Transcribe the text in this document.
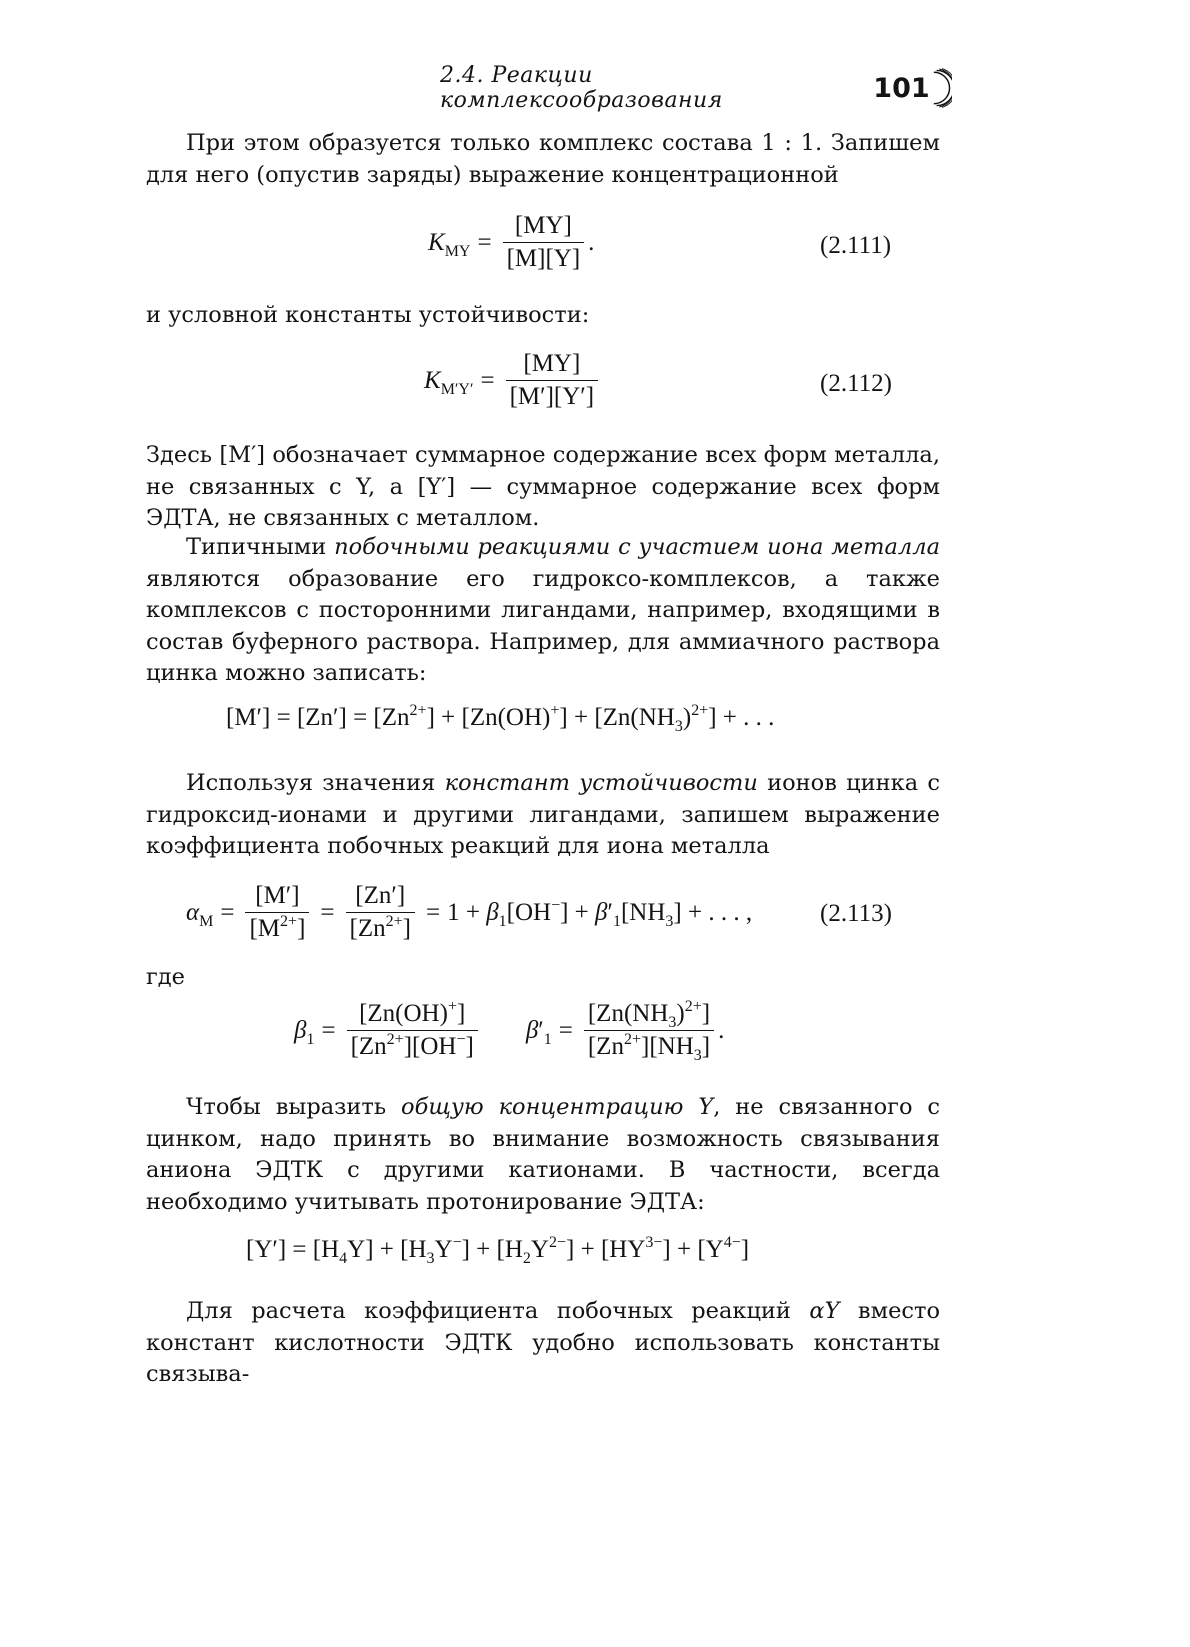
2.4. Реакции комплексообразования	101

При этом образуется только комплекс состава 1 : 1. Запишем для него (опустив заряды) выражение концентрационной

$K_{MY} = \frac{[MY]}{[M][Y]}$ .	(2.111)

и условной константы устойчивости:

$K_{M'Y'} = \frac{[MY]}{[M'][Y']}$	(2.112)

Здесь [M′] обозначает суммарное содержание всех форм металла, не связанных с Y, а [Y′] — суммарное содержание всех форм ЭДТА, не связанных с металлом.

Типичными побочными реакциями с участием иона металла являются образование его гидроксо-комплексов, а также комплексов с посторонними лигандами, например, входящими в состав буферного раствора. Например, для аммиачного раствора цинка можно записать:

$[M'] = [Zn'] = [Zn^{2+}] + [Zn(OH)^+] + [Zn(NH_3)^{2+}]$ + . . .

Используя значения констант устойчивости ионов цинка с гидроксид-ионами и другими лигандами, запишем выражение коэффициента побочных реакций для иона металла

$\alpha_M = \frac{[M']}{[M^{2+}]} = \frac{[Zn']}{[Zn^{2+}]} = 1 + \beta_1[OH^-] + \beta'_1[NH_3]$ + . . . ,	(2.113)

где

$\beta_1 = \frac{[Zn(OH)^+]}{[Zn^{2+}][OH^-]} \beta'_1 = \frac{[Zn(NH_3)^{2+}]}{[Zn^{2+}][NH_3]}$ .

Чтобы выразить общую концентрацию Y, не связанного с цинком, надо принять во внимание возможность связывания аниона ЭДТК с другими катионами. В частности, всегда необходимо учитывать протонирование ЭДТА:

$[Y'] = [H_4Y] + [H_3Y^-] + [H_2Y^{2-}] + [HY^{3-}] + [Y^{4-}]$

Для расчета коэффициента побочных реакций αY вместо констант кислотности ЭДТК удобно использовать константы связыва-
